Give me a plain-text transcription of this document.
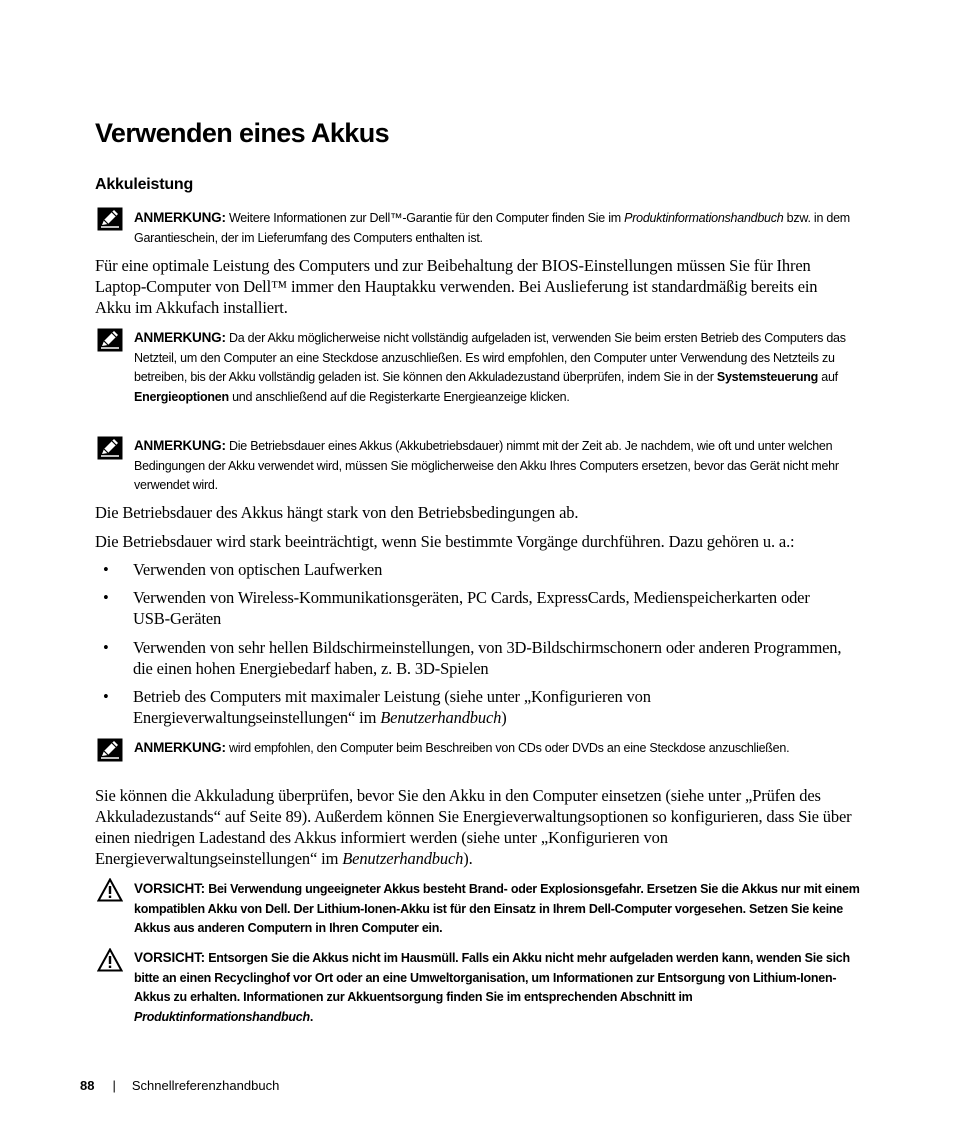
Verwenden eines Akkus
Akkuleistung
ANMERKUNG: Weitere Informationen zur Dell™-Garantie für den Computer finden Sie im Produktinformationshandbuch bzw. in dem Garantieschein, der im Lieferumfang des Computers enthalten ist.
Für eine optimale Leistung des Computers und zur Beibehaltung der BIOS-Einstellungen müssen Sie für Ihren Laptop-Computer von Dell™ immer den Hauptakku verwenden. Bei Auslieferung ist standardmäßig bereits ein Akku im Akkufach installiert.
ANMERKUNG: Da der Akku möglicherweise nicht vollständig aufgeladen ist, verwenden Sie beim ersten Betrieb des Computers das Netzteil, um den Computer an eine Steckdose anzuschließen. Es wird empfohlen, den Computer unter Verwendung des Netzteils zu betreiben, bis der Akku vollständig geladen ist. Sie können den Akkuladezustand überprüfen, indem Sie in der Systemsteuerung auf Energieoptionen und anschließend auf die Registerkarte Energieanzeige klicken.
ANMERKUNG: Die Betriebsdauer eines Akkus (Akkubetriebsdauer) nimmt mit der Zeit ab. Je nachdem, wie oft und unter welchen Bedingungen der Akku verwendet wird, müssen Sie möglicherweise den Akku Ihres Computers ersetzen, bevor das Gerät nicht mehr verwendet wird.
Die Betriebsdauer des Akkus hängt stark von den Betriebsbedingungen ab.
Die Betriebsdauer wird stark beeinträchtigt, wenn Sie bestimmte Vorgänge durchführen. Dazu gehören u. a.:
• Verwenden von optischen Laufwerken
• Verwenden von Wireless-Kommunikationsgeräten, PC Cards, ExpressCards, Medienspeicherkarten oder USB-Geräten
• Verwenden von sehr hellen Bildschirmeinstellungen, von 3D-Bildschirmschonern oder anderen Programmen, die einen hohen Energiebedarf haben, z. B. 3D-Spielen
• Betrieb des Computers mit maximaler Leistung (siehe unter „Konfigurieren von Energieverwaltungseinstellungen“ im Benutzerhandbuch)
ANMERKUNG: wird empfohlen, den Computer beim Beschreiben von CDs oder DVDs an eine Steckdose anzuschließen.
Sie können die Akkuladung überprüfen, bevor Sie den Akku in den Computer einsetzen (siehe unter „Prüfen des Akkuladezustands“ auf Seite 89). Außerdem können Sie Energieverwaltungsoptionen so konfigurieren, dass Sie über einen niedrigen Ladestand des Akkus informiert werden (siehe unter „Konfigurieren von Energieverwaltungseinstellungen“ im Benutzerhandbuch).
VORSICHT: Bei Verwendung ungeeigneter Akkus besteht Brand- oder Explosionsgefahr. Ersetzen Sie die Akkus nur mit einem kompatiblen Akku von Dell. Der Lithium-Ionen-Akku ist für den Einsatz in Ihrem Dell-Computer vorgesehen. Setzen Sie keine Akkus aus anderen Computern in Ihren Computer ein.
VORSICHT: Entsorgen Sie die Akkus nicht im Hausmüll. Falls ein Akku nicht mehr aufgeladen werden kann, wenden Sie sich bitte an einen Recyclinghof vor Ort oder an eine Umweltorganisation, um Informationen zur Entsorgung von Lithium-Ionen-Akkus zu erhalten. Informationen zur Akkuentsorgung finden Sie im entsprechenden Abschnitt im Produktinformationshandbuch.
88 | Schnellreferenzhandbuch
